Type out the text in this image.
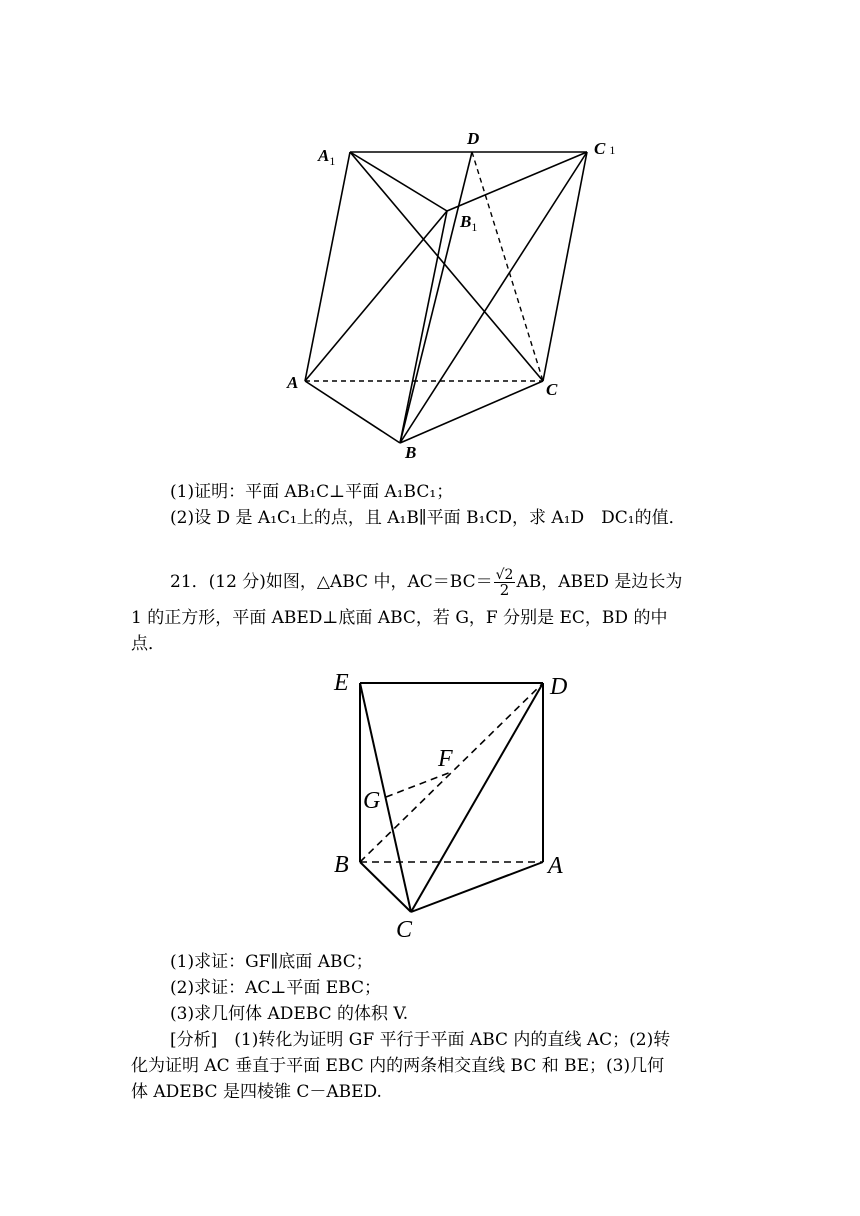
$A_1$
D
C 1
$B_1$
A	C
B
(1)证明：平面 AB₁C⊥平面 A₁BC₁；
(2)设 D 是 A₁C₁上的点，且 A₁B∥平面 B₁CD，求 A₁D　DC₁的值．
21．(12 分)如图，△ABC 中，$AC=BC= \frac{√2}{2}$ AB，ABED 是边长为
1 的正方形，平面 ABED⊥底面 ABC，若 G，F 分别是 EC，BD 的中
点．
E	D
F
G
B	A
C
(1)求证：GF∥底面 ABC；
(2)求证：AC⊥平面 EBC；
(3)求几何体 ADEBC 的体积 V.
[分析]　(1)转化为证明 GF 平行于平面 ABC 内的直线 AC；(2)转
化为证明 AC 垂直于平面 EBC 内的两条相交直线 BC 和 BE；(3)几何
体 ADEBC 是四棱锥 C－ABED.
